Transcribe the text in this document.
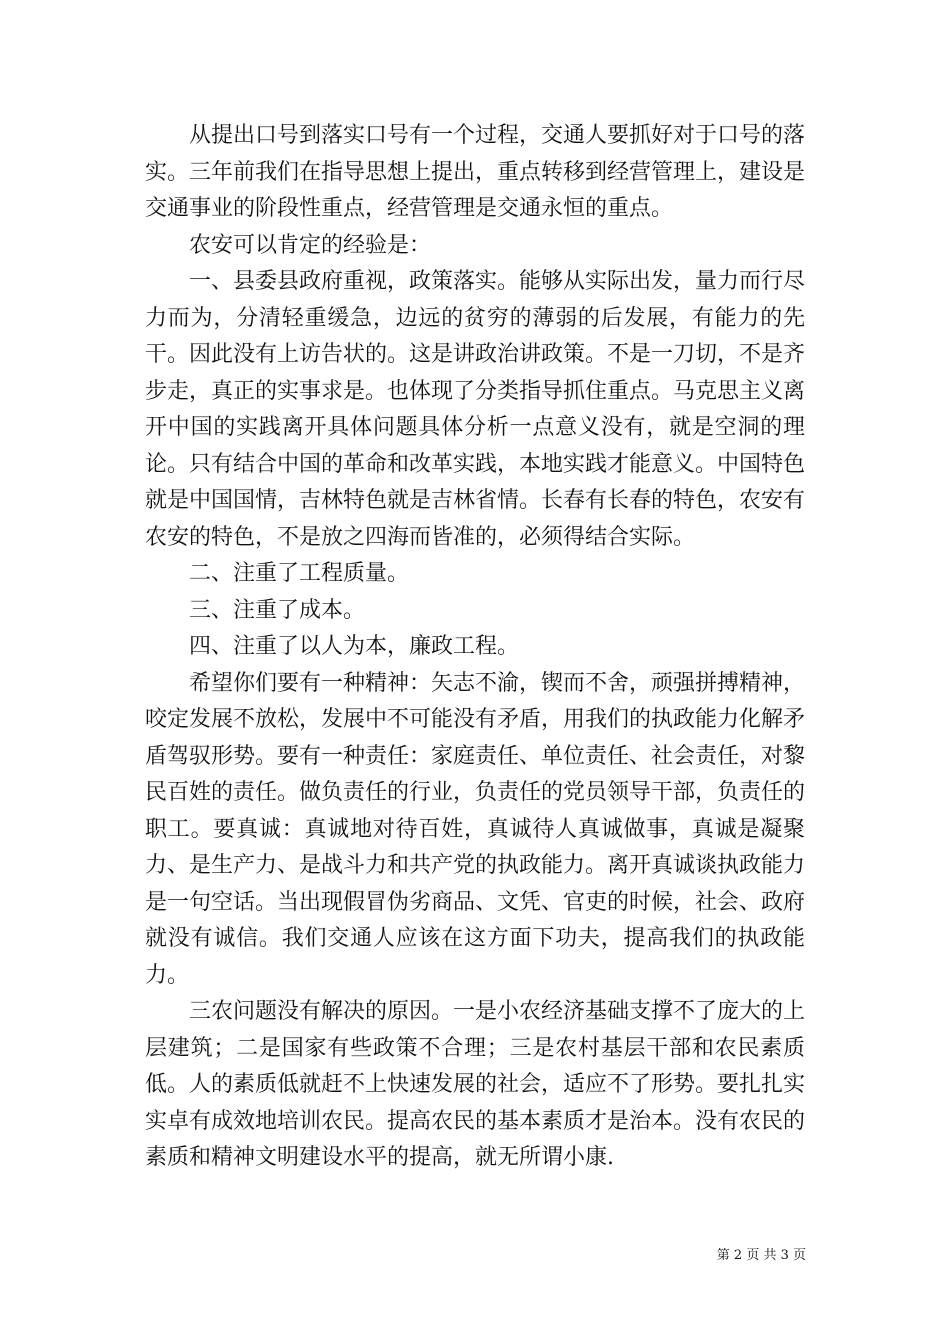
从提出口号到落实口号有一个过程，交通人要抓好对于口号的落实。三年前我们在指导思想上提出，重点转移到经营管理上，建设是交通事业的阶段性重点，经营管理是交通永恒的重点。

农安可以肯定的经验是：

一、县委县政府重视，政策落实。能够从实际出发，量力而行尽力而为，分清轻重缓急，边远的贫穷的薄弱的后发展，有能力的先干。因此没有上访告状的。这是讲政治讲政策。不是一刀切，不是齐步走，真正的实事求是。也体现了分类指导抓住重点。马克思主义离开中国的实践离开具体问题具体分析一点意义没有，就是空洞的理论。只有结合中国的革命和改革实践，本地实践才能意义。中国特色就是中国国情，吉林特色就是吉林省情。长春有长春的特色，农安有农安的特色，不是放之四海而皆准的，必须得结合实际。

二、注重了工程质量。

三、注重了成本。

四、注重了以人为本，廉政工程。

希望你们要有一种精神：矢志不渝，锲而不舍，顽强拼搏精神，咬定发展不放松，发展中不可能没有矛盾，用我们的执政能力化解矛盾驾驭形势。要有一种责任：家庭责任、单位责任、社会责任，对黎民百姓的责任。做负责任的行业，负责任的党员领导干部，负责任的职工。要真诚：真诚地对待百姓，真诚待人真诚做事，真诚是凝聚力、是生产力、是战斗力和共产党的执政能力。离开真诚谈执政能力是一句空话。当出现假冒伪劣商品、文凭、官吏的时候，社会、政府就没有诚信。我们交通人应该在这方面下功夫，提高我们的执政能力。

三农问题没有解决的原因。一是小农经济基础支撑不了庞大的上层建筑；二是国家有些政策不合理；三是农村基层干部和农民素质低。人的素质低就赶不上快速发展的社会，适应不了形势。要扎扎实实卓有成效地培训农民。提高农民的基本素质才是治本。没有农民的素质和精神文明建设水平的提高，就无所谓小康.

第 2 页 共 3 页
